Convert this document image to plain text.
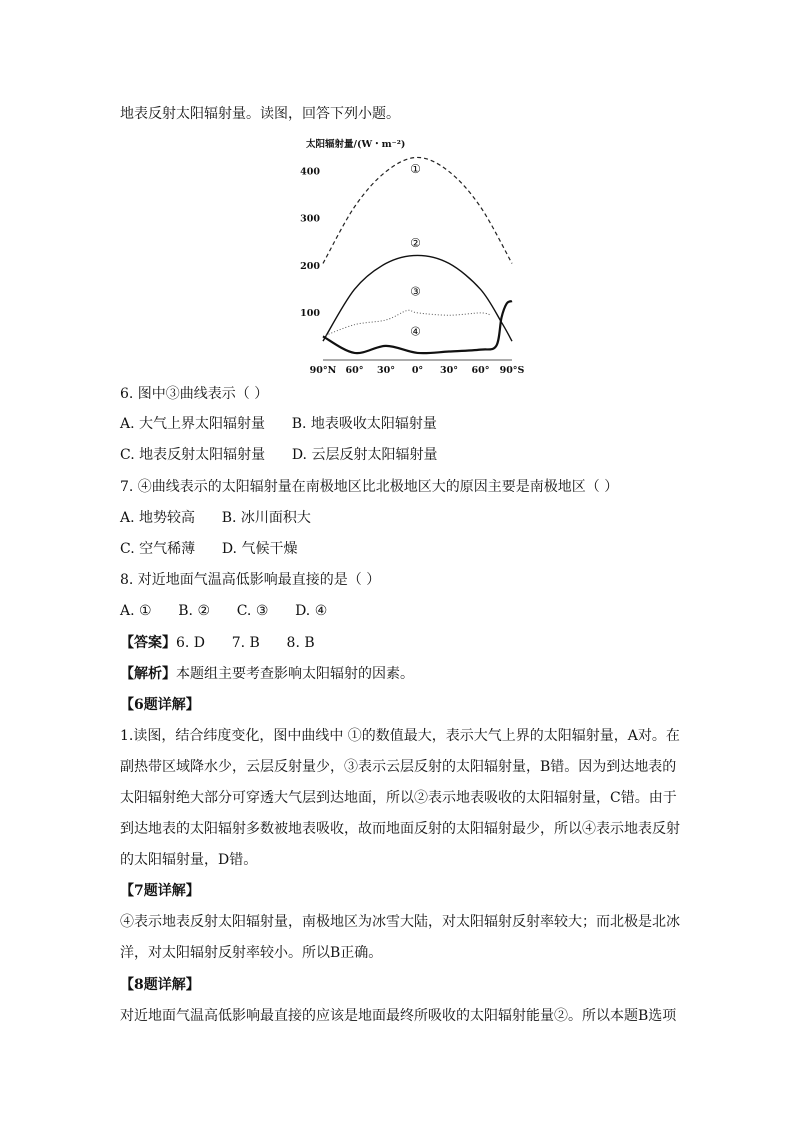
地表反射太阳辐射量。读图，回答下列小题。
太阳辐射量/(W・m⁻²)
100
200
300
400
90°N 60° 30° 0° 30° 60° 90°S
①
②
③
④
6. 图中③曲线表示（ ）
A. 大气上界太阳辐射量      B. 地表吸收太阳辐射量
C. 地表反射太阳辐射量      D. 云层反射太阳辐射量
7. ④曲线表示的太阳辐射量在南极地区比北极地区大的原因主要是南极地区（ ）
A. 地势较高      B. 冰川面积大
C. 空气稀薄      D. 气候干燥
8. 对近地面气温高低影响最直接的是（ ）
A. ①      B. ②      C. ③      D. ④
【答案】6. D      7. B      8. B
【解析】本题组主要考查影响太阳辐射的因素。
【6题详解】
1.读图，结合纬度变化，图中曲线中 ①的数值最大，表示大气上界的太阳辐射量，A对。在
副热带区域降水少，云层反射量少，③表示云层反射的太阳辐射量，B错。因为到达地表的
太阳辐射绝大部分可穿透大气层到达地面，所以②表示地表吸收的太阳辐射量，C错。由于
到达地表的太阳辐射多数被地表吸收，故而地面反射的太阳辐射最少，所以④表示地表反射
的太阳辐射量，D错。
【7题详解】
④表示地表反射太阳辐射量，南极地区为冰雪大陆，对太阳辐射反射率较大；而北极是北冰
洋，对太阳辐射反射率较小。所以B正确。
【8题详解】
对近地面气温高低影响最直接的应该是地面最终所吸收的太阳辐射能量②。所以本题B选项
